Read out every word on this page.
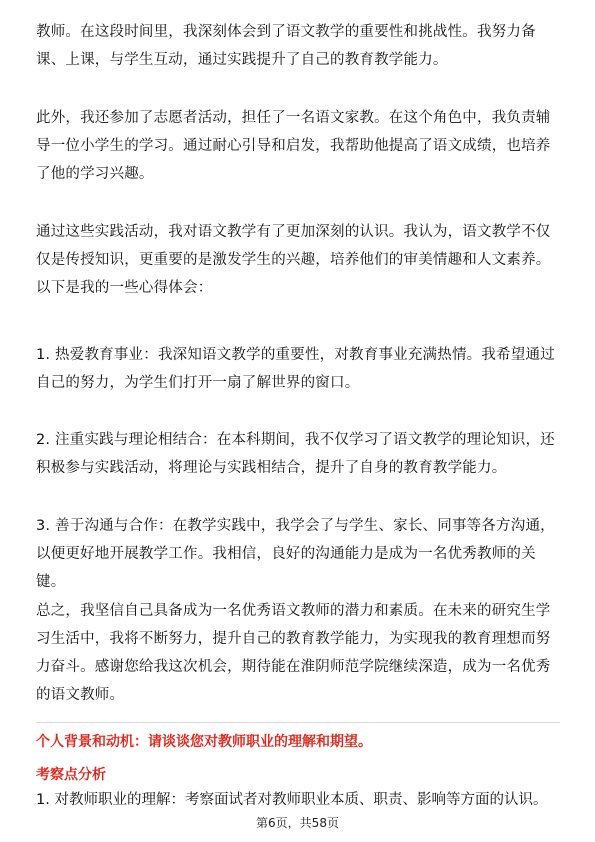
教师。在这段时间里，我深刻体会到了语文教学的重要性和挑战性。我努力备课、上课，与学生互动，通过实践提升了自己的教育教学能力。

此外，我还参加了志愿者活动，担任了一名语文家教。在这个角色中，我负责辅导一位小学生的学习。通过耐心引导和启发，我帮助他提高了语文成绩，也培养了他的学习兴趣。

通过这些实践活动，我对语文教学有了更加深刻的认识。我认为，语文教学不仅仅是传授知识，更重要的是激发学生的兴趣，培养他们的审美情趣和人文素养。以下是我的一些心得体会：

1. 热爱教育事业：我深知语文教学的重要性，对教育事业充满热情。我希望通过自己的努力，为学生们打开一扇了解世界的窗口。

2. 注重实践与理论相结合：在本科期间，我不仅学习了语文教学的理论知识，还积极参与实践活动，将理论与实践相结合，提升了自身的教育教学能力。

3. 善于沟通与合作：在教学实践中，我学会了与学生、家长、同事等各方沟通，以便更好地开展教学工作。我相信，良好的沟通能力是成为一名优秀教师的关键。

总之，我坚信自己具备成为一名优秀语文教师的潜力和素质。在未来的研究生学习生活中，我将不断努力，提升自己的教育教学能力，为实现我的教育理想而努力奋斗。感谢您给我这次机会，期待能在淮阴师范学院继续深造，成为一名优秀的语文教师。

个人背景和动机：请谈谈您对教师职业的理解和期望。
考察点分析

1. 对教师职业的理解：考察面试者对教师职业本质、职责、影响等方面的认识。

第6页，共58页
